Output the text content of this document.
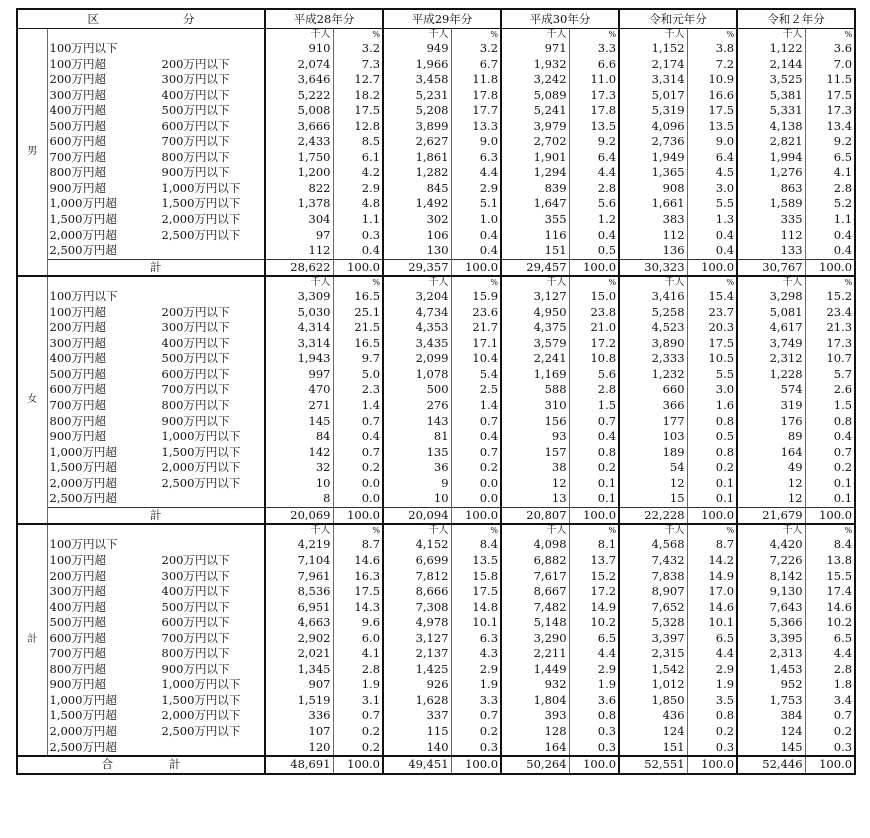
区 分		平成28年分		平成29年分		平成30年分		令和元年分		令和２年分	
男		千人	%	千人	%	千人	%	千人	%	千人	%
	100万円以下	910	3.2	949	3.2	971	3.3	1,152	3.8	1,122	3.6
	100万円超 200万円以下	2,074	7.3	1,966	6.7	1,932	6.6	2,174	7.2	2,144	7.0
	200万円超 300万円以下	3,646	12.7	3,458	11.8	3,242	11.0	3,314	10.9	3,525	11.5
	300万円超 400万円以下	5,222	18.2	5,231	17.8	5,089	17.3	5,017	16.6	5,381	17.5
	400万円超 500万円以下	5,008	17.5	5,208	17.7	5,241	17.8	5,319	17.5	5,331	17.3
	500万円超 600万円以下	3,666	12.8	3,899	13.3	3,979	13.5	4,096	13.5	4,138	13.4
	600万円超 700万円以下	2,433	8.5	2,627	9.0	2,702	9.2	2,736	9.0	2,821	9.2
	700万円超 800万円以下	1,750	6.1	1,861	6.3	1,901	6.4	1,949	6.4	1,994	6.5
	800万円超 900万円以下	1,200	4.2	1,282	4.4	1,294	4.4	1,365	4.5	1,276	4.1
	900万円超 1,000万円以下	822	2.9	845	2.9	839	2.8	908	3.0	863	2.8
	1,000万円超 1,500万円以下	1,378	4.8	1,492	5.1	1,647	5.6	1,661	5.5	1,589	5.2
	1,500万円超 2,000万円以下	304	1.1	302	1.0	355	1.2	383	1.3	335	1.1
	2,000万円超 2,500万円以下	97	0.3	106	0.4	116	0.4	112	0.4	112	0.4
	2,500万円超	112	0.4	130	0.4	151	0.5	136	0.4	133	0.4
	計	28,622	100.0	29,357	100.0	29,457	100.0	30,323	100.0	30,767	100.0
女		千人	%	千人	%	千人	%	千人	%	千人	%
	100万円以下	3,309	16.5	3,204	15.9	3,127	15.0	3,416	15.4	3,298	15.2
	100万円超 200万円以下	5,030	25.1	4,734	23.6	4,950	23.8	5,258	23.7	5,081	23.4
	200万円超 300万円以下	4,314	21.5	4,353	21.7	4,375	21.0	4,523	20.3	4,617	21.3
	300万円超 400万円以下	3,314	16.5	3,435	17.1	3,579	17.2	3,890	17.5	3,749	17.3
	400万円超 500万円以下	1,943	9.7	2,099	10.4	2,241	10.8	2,333	10.5	2,312	10.7
	500万円超 600万円以下	997	5.0	1,078	5.4	1,169	5.6	1,232	5.5	1,228	5.7
	600万円超 700万円以下	470	2.3	500	2.5	588	2.8	660	3.0	574	2.6
	700万円超 800万円以下	271	1.4	276	1.4	310	1.5	366	1.6	319	1.5
	800万円超 900万円以下	145	0.7	143	0.7	156	0.7	177	0.8	176	0.8
	900万円超 1,000万円以下	84	0.4	81	0.4	93	0.4	103	0.5	89	0.4
	1,000万円超 1,500万円以下	142	0.7	135	0.7	157	0.8	189	0.8	164	0.7
	1,500万円超 2,000万円以下	32	0.2	36	0.2	38	0.2	54	0.2	49	0.2
	2,000万円超 2,500万円以下	10	0.0	9	0.0	12	0.1	12	0.1	12	0.1
	2,500万円超	8	0.0	10	0.0	13	0.1	15	0.1	12	0.1
	計	20,069	100.0	20,094	100.0	20,807	100.0	22,228	100.0	21,679	100.0
計		千人	%	千人	%	千人	%	千人	%	千人	%
	100万円以下	4,219	8.7	4,152	8.4	4,098	8.1	4,568	8.7	4,420	8.4
	100万円超 200万円以下	7,104	14.6	6,699	13.5	6,882	13.7	7,432	14.2	7,226	13.8
	200万円超 300万円以下	7,961	16.3	7,812	15.8	7,617	15.2	7,838	14.9	8,142	15.5
	300万円超 400万円以下	8,536	17.5	8,666	17.5	8,667	17.2	8,907	17.0	9,130	17.4
	400万円超 500万円以下	6,951	14.3	7,308	14.8	7,482	14.9	7,652	14.6	7,643	14.6
	500万円超 600万円以下	4,663	9.6	4,978	10.1	5,148	10.2	5,328	10.1	5,366	10.2
	600万円超 700万円以下	2,902	6.0	3,127	6.3	3,290	6.5	3,397	6.5	3,395	6.5
	700万円超 800万円以下	2,021	4.1	2,137	4.3	2,211	4.4	2,315	4.4	2,313	4.4
	800万円超 900万円以下	1,345	2.8	1,425	2.9	1,449	2.9	1,542	2.9	1,453	2.8
	900万円超 1,000万円以下	907	1.9	926	1.9	932	1.9	1,012	1.9	952	1.8
	1,000万円超 1,500万円以下	1,519	3.1	1,628	3.3	1,804	3.6	1,850	3.5	1,753	3.4
	1,500万円超 2,000万円以下	336	0.7	337	0.7	393	0.8	436	0.8	384	0.7
	2,000万円超 2,500万円以下	107	0.2	115	0.2	128	0.3	124	0.2	124	0.2
	2,500万円超	120	0.2	140	0.3	164	0.3	151	0.3	145	0.3
合 計		48,691	100.0	49,451	100.0	50,264	100.0	52,551	100.0	52,446	100.0
